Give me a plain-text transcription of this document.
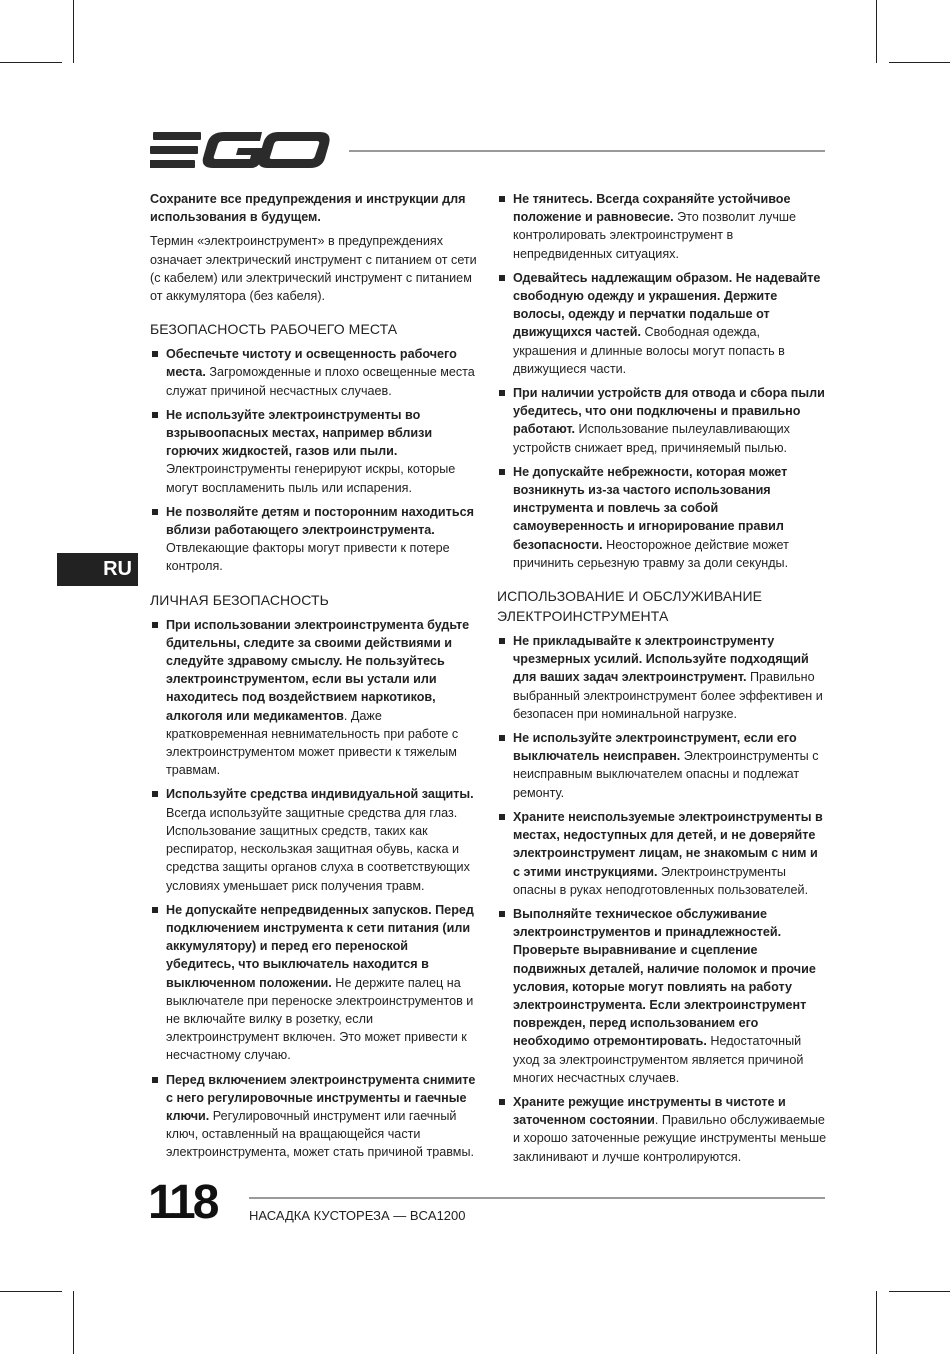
RU

Сохраните все предупреждения и инструкции для использования в будущем.

Термин «электроинструмент» в предупреждениях означает электрический инструмент с питанием от сети (с кабелем) или электрический инструмент с питанием от аккумулятора (без кабеля).

БЕЗОПАСНОСТЬ РАБОЧЕГО МЕСТА
Обеспечьте чистоту и освещенность рабочего места. Загроможденные и плохо освещенные места служат причиной несчастных случаев.
Не используйте электроинструменты во взрывоопасных местах, например вблизи горючих жидкостей, газов или пыли. Электроинструменты генерируют искры, которые могут воспламенить пыль или испарения.
Не позволяйте детям и посторонним находиться вблизи работающего электроинструмента. Отвлекающие факторы могут привести к потере контроля.
ЛИЧНАЯ БЕЗОПАСНОСТЬ
При использовании электроинструмента будьте бдительны, следите за своими действиями и следуйте здравому смыслу. Не пользуйтесь электроинструментом, если вы устали или находитесь под воздействием наркотиков, алкоголя или медикаментов. Даже кратковременная невнимательность при работе с электроинструментом может привести к тяжелым травмам.
Используйте средства индивидуальной защиты. Всегда используйте защитные средства для глаз. Использование защитных средств, таких как респиратор, нескользкая защитная обувь, каска и средства защиты органов слуха в соответствующих условиях уменьшает риск получения травм.
Не допускайте непредвиденных запусков. Перед подключением инструмента к сети питания (или аккумулятору) и перед его переноской убедитесь, что выключатель находится в выключенном положении. Не держите палец на выключателе при переноске электроинструментов и не включайте вилку в розетку, если электроинструмент включен. Это может привести к несчастному случаю.
Перед включением электроинструмента снимите с него регулировочные инструменты и гаечные ключи. Регулировочный инструмент или гаечный ключ, оставленный на вращающейся части электроинструмента, может стать причиной травмы.
Не тянитесь. Всегда сохраняйте устойчивое положение и равновесие. Это позволит лучше контролировать электроинструмент в непредвиденных ситуациях.
Одевайтесь надлежащим образом. Не надевайте свободную одежду и украшения. Держите волосы, одежду и перчатки подальше от движущихся частей. Свободная одежда, украшения и длинные волосы могут попасть в движущиеся части.
При наличии устройств для отвода и сбора пыли убедитесь, что они подключены и правильно работают. Использование пылеулавливающих устройств снижает вред, причиняемый пылью.
Не допускайте небрежности, которая может возникнуть из-за частого использования инструмента и повлечь за собой самоуверенность и игнорирование правил безопасности. Неосторожное действие может причинить серьезную травму за доли секунды.
ИСПОЛЬЗОВАНИЕ И ОБСЛУЖИВАНИЕ ЭЛЕКТРОИНСТРУМЕНТА
Не прикладывайте к электроинструменту чрезмерных усилий. Используйте подходящий для ваших задач электроинструмент. Правильно выбранный электроинструмент более эффективен и безопасен при номинальной нагрузке.
Не используйте электроинструмент, если его выключатель неисправен. Электроинструменты с неисправным выключателем опасны и подлежат ремонту.
Храните неиспользуемые электроинструменты в местах, недоступных для детей, и не доверяйте электроинструмент лицам, не знакомым с ним и с этими инструкциями. Электроинструменты опасны в руках неподготовленных пользователей.
Выполняйте техническое обслуживание электроинструментов и принадлежностей. Проверьте выравнивание и сцепление подвижных деталей, наличие поломок и прочие условия, которые могут повлиять на работу электроинструмента. Если электроинструмент поврежден, перед использованием его необходимо отремонтировать. Недостаточный уход за электроинструментом является причиной многих несчастных случаев.
Храните режущие инструменты в чистоте и заточенном состоянии. Правильно обслуживаемые и хорошо заточенные режущие инструменты меньше заклинивают и лучше контролируются.
118	НАСАДКА КУСТОРЕЗА — BCA1200
